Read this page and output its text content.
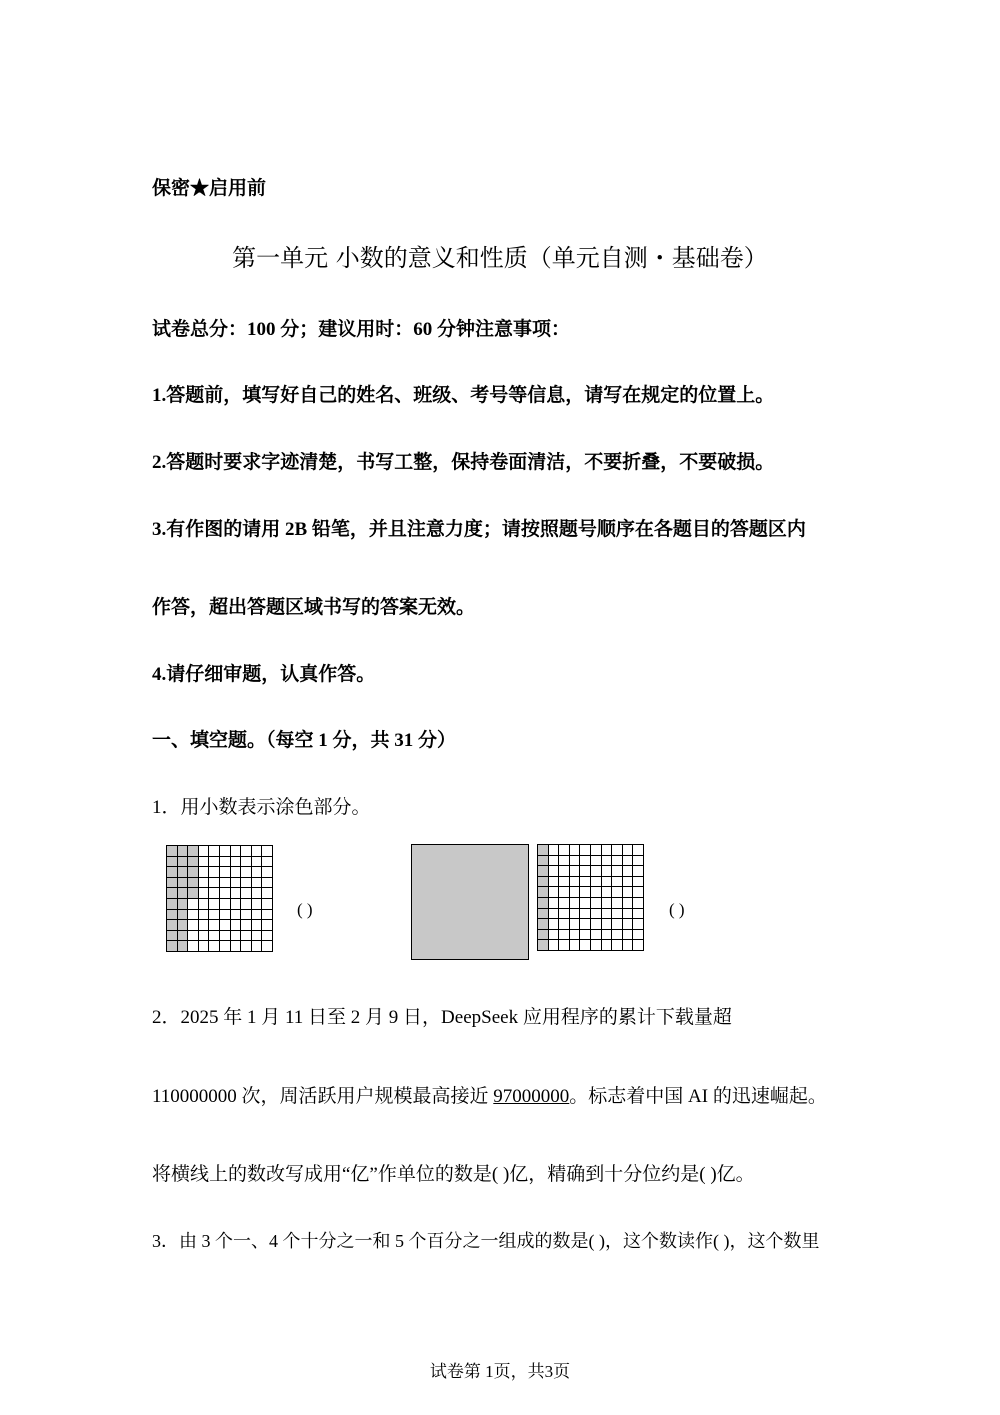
保密★启用前
第一单元 小数的意义和性质（单元自测・基础卷）
试卷总分：100 分；建议用时：60 分钟注意事项：
1.答题前，填写好自己的姓名、班级、考号等信息，请写在规定的位置上。
2.答题时要求字迹清楚，书写工整，保持卷面清洁，不要折叠，不要破损。
3.有作图的请用 2B 铅笔，并且注意力度；请按照题号顺序在各题目的答题区内
作答，超出答题区域书写的答案无效。
4.请仔细审题，认真作答。
一、填空题。（每空 1 分，共 31 分）
1．用小数表示涂色部分。

( )

										( )
2．2025 年 1 月 11 日至 2 月 9 日，DeepSeek 应用程序的累计下载量超
110000000 次，周活跃用户规模最高接近 97000000。标志着中国 AI 的迅速崛起。
将横线上的数改写成用“亿”作单位的数是( )亿，精确到十分位约是( )亿。
3．由 3 个一、4 个十分之一和 5 个百分之一组成的数是( )，这个数读作( )，这个数里
试卷第 1页，共3页
